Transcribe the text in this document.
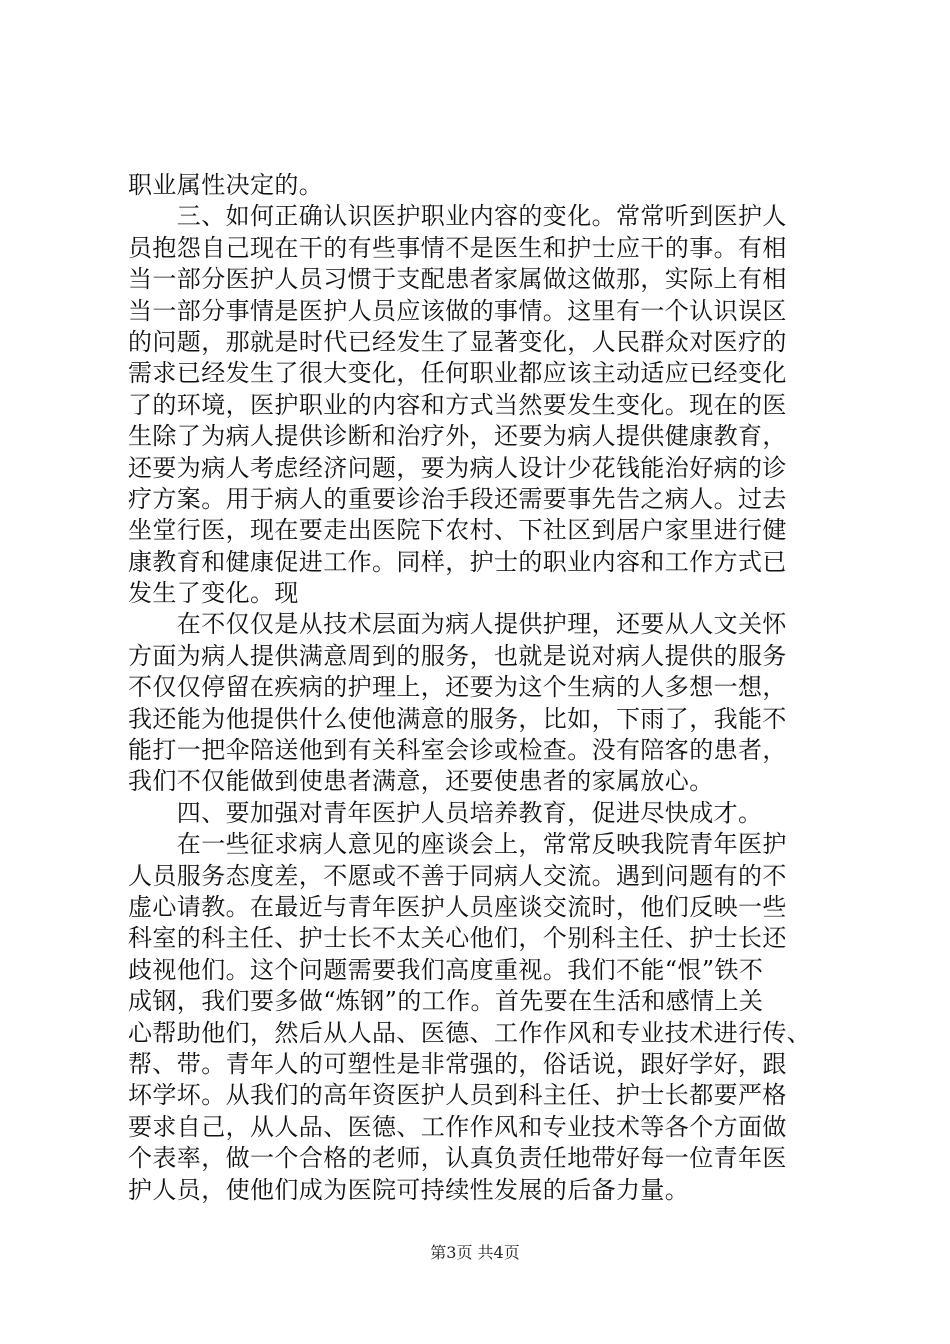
职业属性决定的。
　　三、如何正确认识医护职业内容的变化。常常听到医护人
员抱怨自己现在干的有些事情不是医生和护士应干的事。有相
当一部分医护人员习惯于支配患者家属做这做那，实际上有相
当一部分事情是医护人员应该做的事情。这里有一个认识误区
的问题，那就是时代已经发生了显著变化，人民群众对医疗的
需求已经发生了很大变化，任何职业都应该主动适应已经变化
了的环境，医护职业的内容和方式当然要发生变化。现在的医
生除了为病人提供诊断和治疗外，还要为病人提供健康教育，
还要为病人考虑经济问题，要为病人设计少花钱能治好病的诊
疗方案。用于病人的重要诊治手段还需要事先告之病人。过去
坐堂行医，现在要走出医院下农村、下社区到居户家里进行健
康教育和健康促进工作。同样，护士的职业内容和工作方式已
发生了变化。现
　　在不仅仅是从技术层面为病人提供护理，还要从人文关怀
方面为病人提供满意周到的服务，也就是说对病人提供的服务
不仅仅停留在疾病的护理上，还要为这个生病的人多想一想，
我还能为他提供什么使他满意的服务，比如，下雨了，我能不
能打一把伞陪送他到有关科室会诊或检查。没有陪客的患者，
我们不仅能做到使患者满意，还要使患者的家属放心。
　　四、要加强对青年医护人员培养教育，促进尽快成才。
　　在一些征求病人意见的座谈会上，常常反映我院青年医护
人员服务态度差，不愿或不善于同病人交流。遇到问题有的不
虚心请教。在最近与青年医护人员座谈交流时，他们反映一些
科室的科主任、护士长不太关心他们，个别科主任、护士长还
歧视他们。这个问题需要我们高度重视。我们不能“恨”铁不
成钢，我们要多做“炼钢”的工作。首先要在生活和感情上关
心帮助他们，然后从人品、医德、工作作风和专业技术进行传、
帮、带。青年人的可塑性是非常强的，俗话说，跟好学好，跟
坏学坏。从我们的高年资医护人员到科主任、护士长都要严格
要求自己，从人品、医德、工作作风和专业技术等各个方面做
个表率，做一个合格的老师，认真负责任地带好每一位青年医
护人员，使他们成为医院可持续性发展的后备力量。
第3页 共4页
